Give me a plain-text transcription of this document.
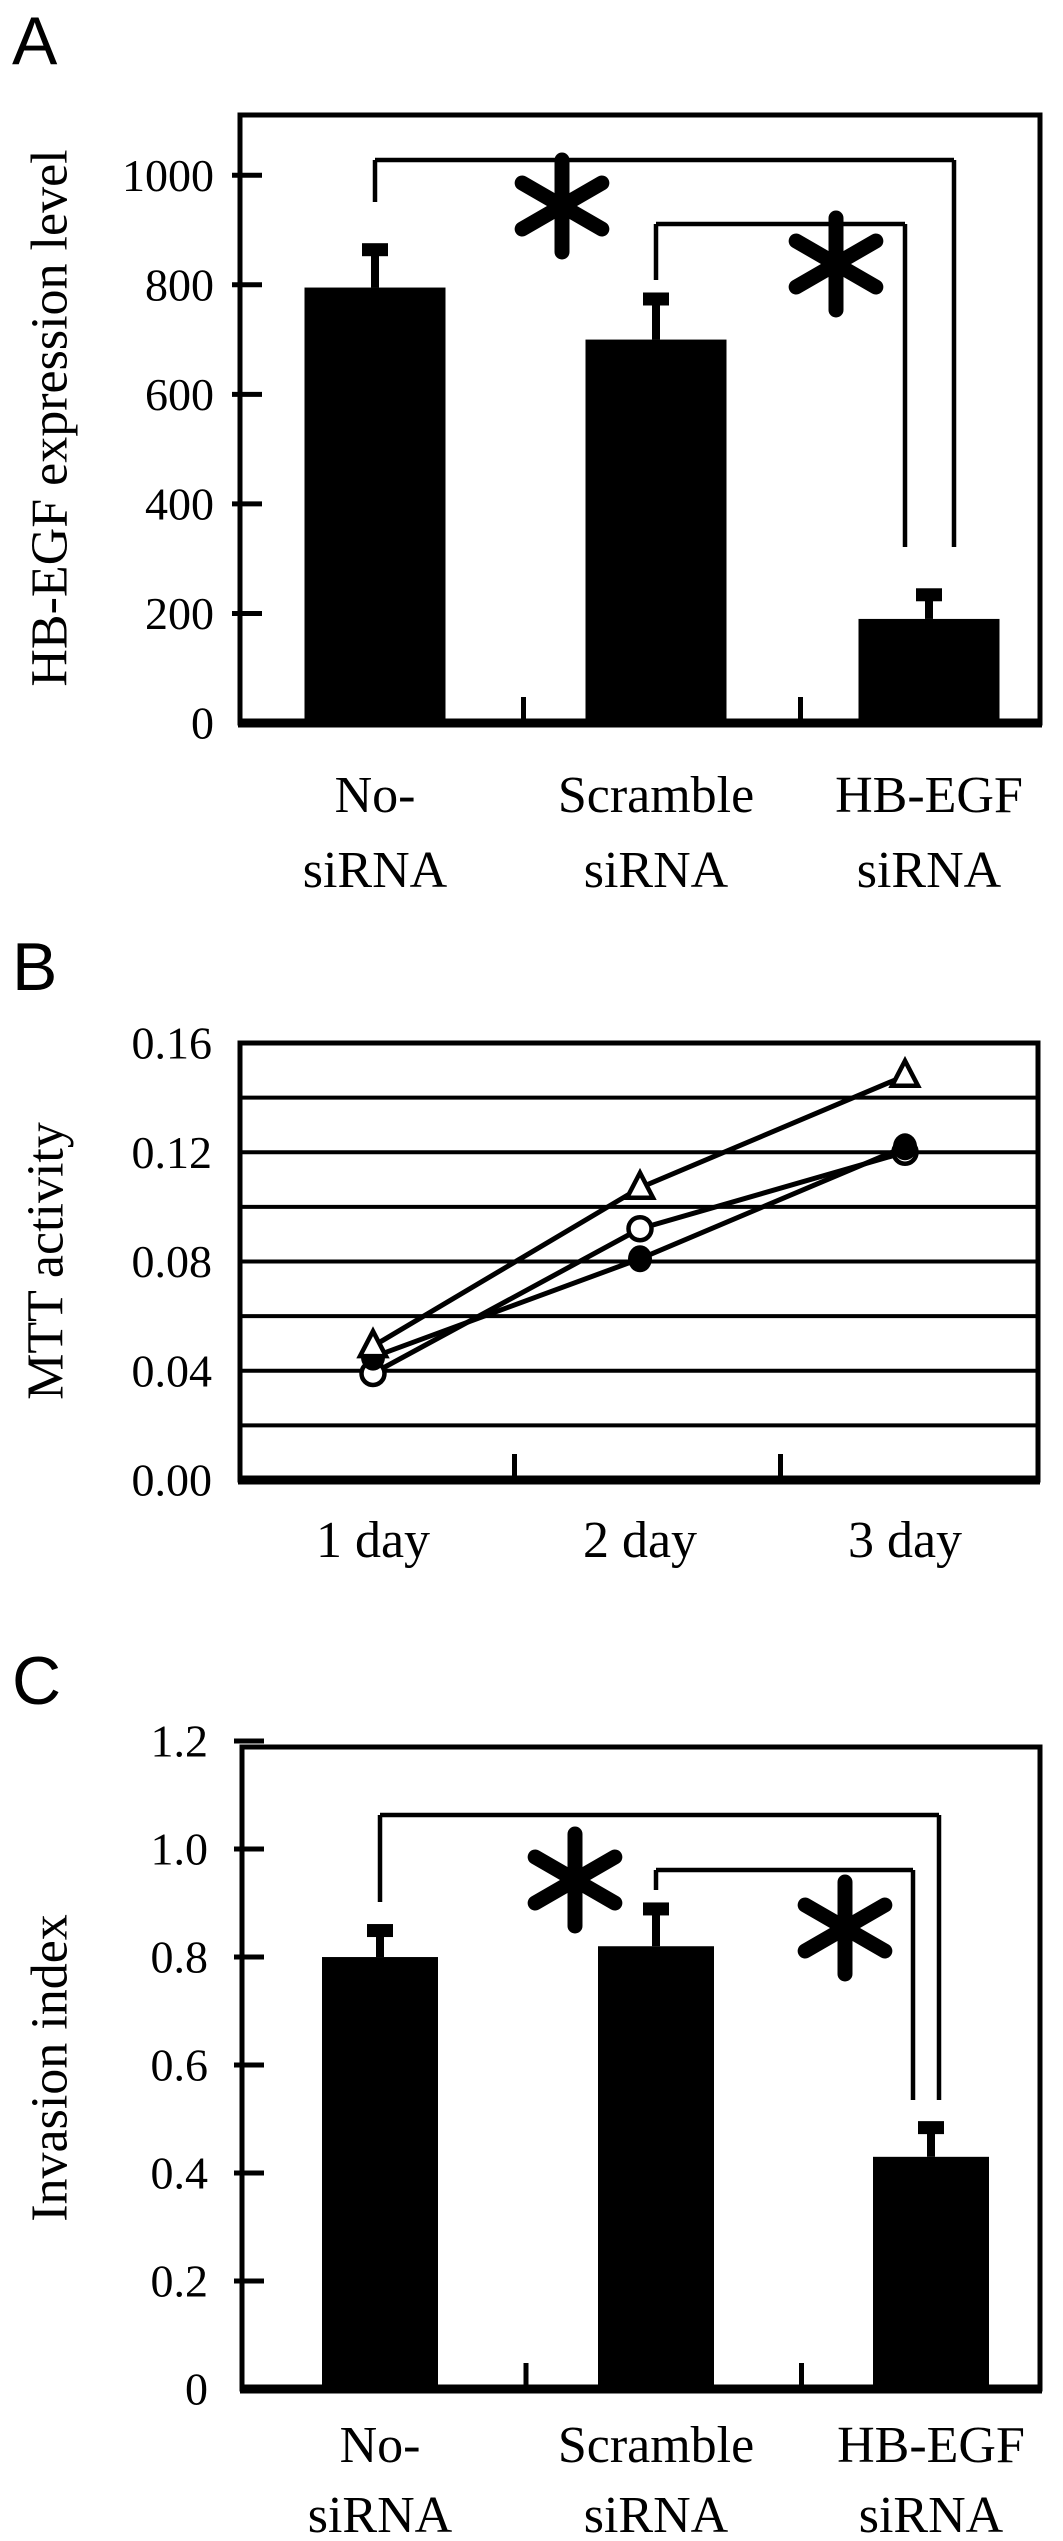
A
HB-EGF expression level
0
200
400
600
800
1000
No-
siRNA
Scramble
siRNA
HB-EGF
siRNA
B
MTT activity
0.00
0.04
0.08
0.12
0.16
1 day	2 day	3 day
C
Invasion index
0
0.2
0.4
0.6
0.8
1.0
1.2
No-
siRNA
Scramble
siRNA
HB-EGF
siRNA
